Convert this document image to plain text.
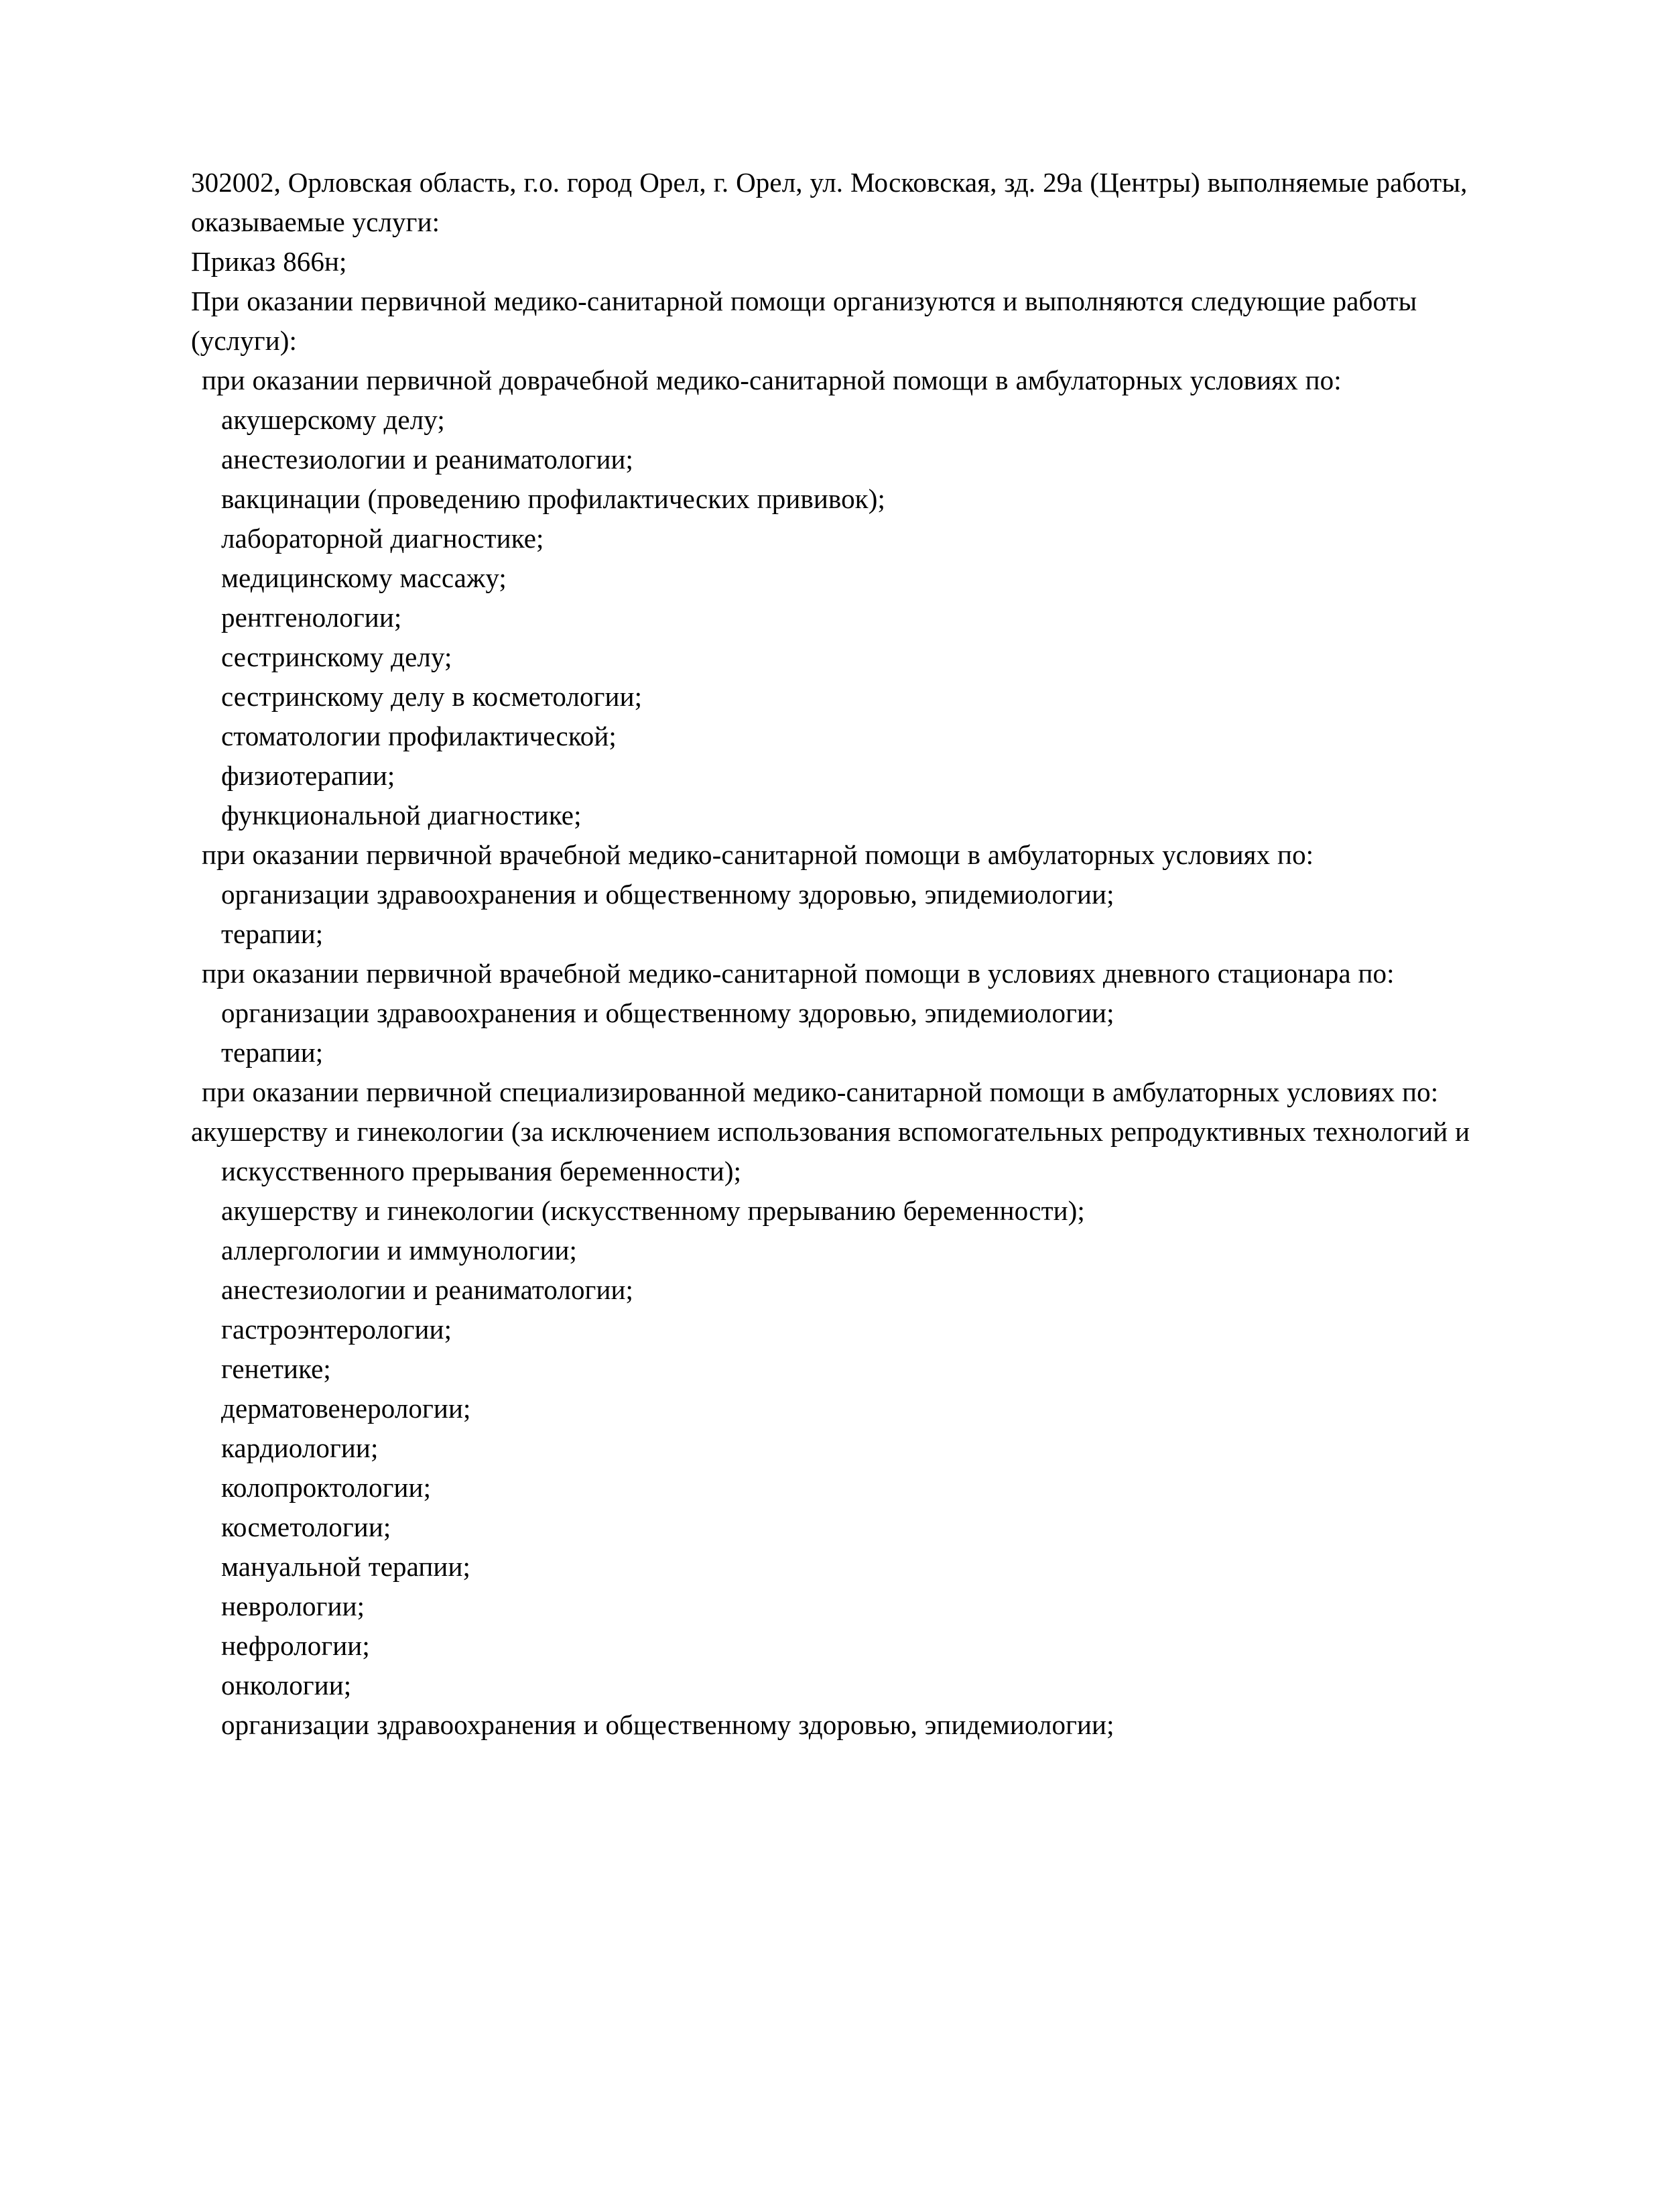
302002, Орловская область, г.о. город Орел, г. Орел, ул. Московская, зд. 29а (Центры) выполняемые работы, оказываемые услуги:

Приказ 866н;

При оказании первичной медико-санитарной помощи организуются и выполняются следующие работы (услуги):

при оказании первичной доврачебной медико-санитарной помощи в амбулаторных условиях по:

акушерскому делу;

анестезиологии и реаниматологии;

вакцинации (проведению профилактических прививок);

лабораторной диагностике;

медицинскому массажу;

рентгенологии;

сестринскому делу;

сестринскому делу в косметологии;

стоматологии профилактической;

физиотерапии;

функциональной диагностике;

при оказании первичной врачебной медико-санитарной помощи в амбулаторных условиях по:

организации здравоохранения и общественному здоровью, эпидемиологии;

терапии;

при оказании первичной врачебной медико-санитарной помощи в условиях дневного стационара по:

организации здравоохранения и общественному здоровью, эпидемиологии;

терапии;

при оказании первичной специализированной медико-санитарной помощи в амбулаторных условиях по:

акушерству и гинекологии (за исключением использования вспомогательных репродуктивных технологий и искусственного прерывания беременности);

акушерству и гинекологии (искусственному прерыванию беременности);

аллергологии и иммунологии;

анестезиологии и реаниматологии;

гастроэнтерологии;

генетике;

дерматовенерологии;

кардиологии;

колопроктологии;

косметологии;

мануальной терапии;

неврологии;

нефрологии;

онкологии;

организации здравоохранения и общественному здоровью, эпидемиологии;
